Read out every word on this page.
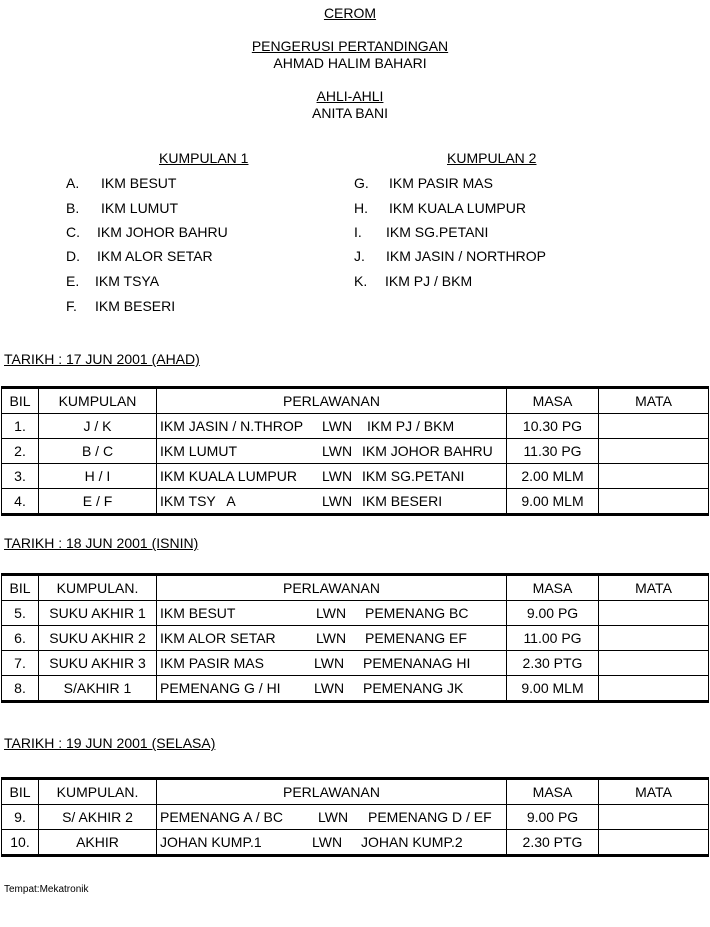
CEROM
PENGERUSI PERTANDINGAN
AHMAD HALIM BAHARI
AHLI-AHLI
ANITA BANI
KUMPULAN 1	KUMPULAN 2
A. IKM BESUT
B. IKM LUMUT
C. IKM JOHOR BAHRU
D. IKM ALOR SETAR
E. IKM TSYA
F. IKM BESERI
G. IKM PASIR MAS
H. IKM KUALA LUMPUR
I. IKM SG.PETANI
J. IKM JASIN / NORTHROP
K. IKM PJ / BKM
TARIKH : 17 JUN 2001 (AHAD)
BIL	KUMPULAN	PERLAWANAN	MASA	MATA
1.	J / K	IKM JASIN / N.THROP LWN IKM PJ / BKM	10.30 PG	
2.	B / C	IKM LUMUT LWN IKM JOHOR BAHRU	11.30 PG	
3.	H / I	IKM KUALA LUMPUR LWN IKM SG.PETANI	2.00 MLM	
4.	E / F	IKM TSY   A LWN IKM BESERI	9.00 MLM	
TARIKH : 18 JUN 2001 (ISNIN)
BIL	KUMPULAN.	PERLAWANAN	MASA	MATA
5.	SUKU AKHIR 1	IKM BESUT LWN PEMENANG BC	9.00 PG	
6.	SUKU AKHIR 2	IKM ALOR SETAR LWN PEMENANG EF	11.00 PG	
7.	SUKU AKHIR 3	IKM PASIR MAS LWN PEMENANAG HI	2.30 PTG	
8.	S/AKHIR 1	PEMENANG G / HI LWN PEMENANG JK	9.00 MLM	
TARIKH : 19 JUN 2001 (SELASA)
BIL	KUMPULAN.	PERLAWANAN	MASA	MATA
9.	S/ AKHIR 2	PEMENANG A / BC LWN PEMENANG D / EF	9.00 PG	
10.	AKHIR	JOHAN KUMP.1 LWN JOHAN KUMP.2	2.30 PTG	
Tempat:Mekatronik
